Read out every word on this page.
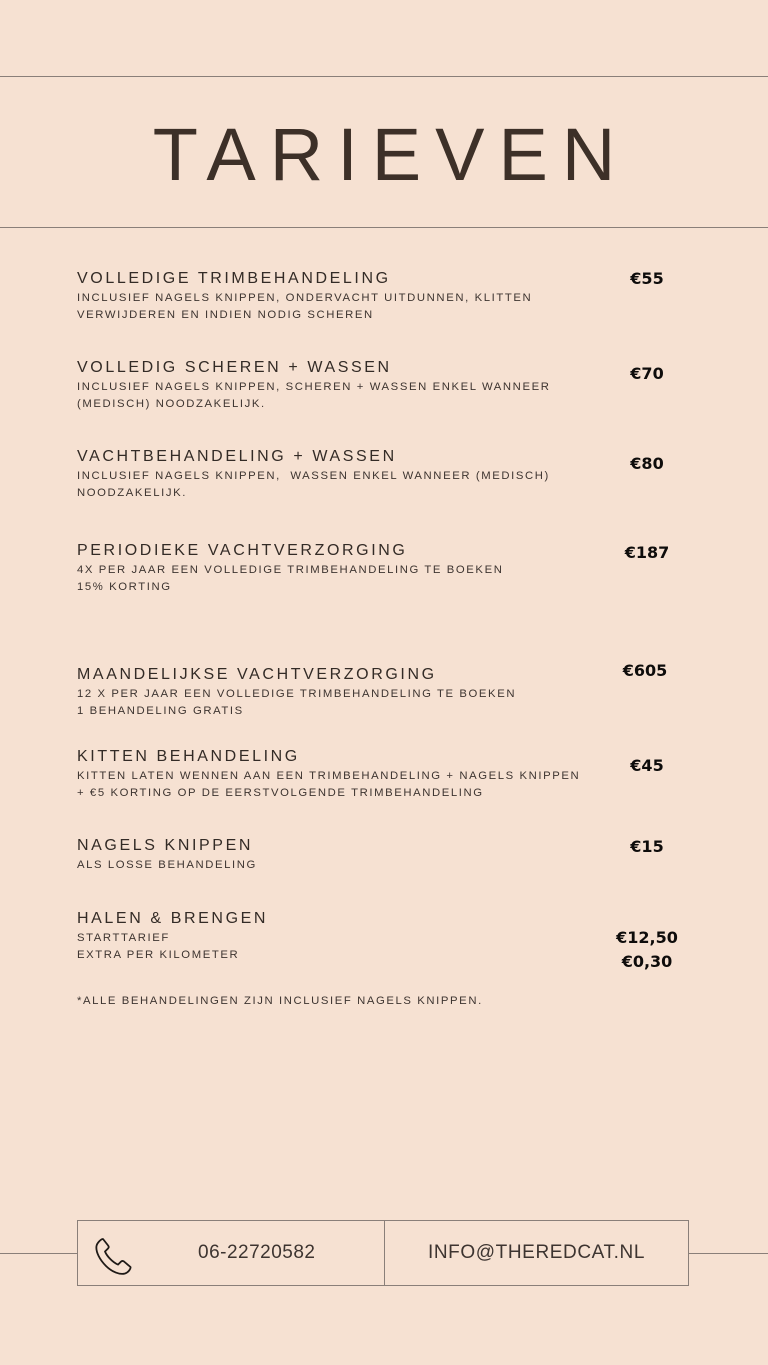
TARIEVEN
VOLLEDIGE TRIMBEHANDELING
INCLUSIEF NAGELS KNIPPEN, ONDERVACHT UITDUNNEN, KLITTEN
VERWIJDEREN EN INDIEN NODIG SCHEREN
€55
VOLLEDIG SCHEREN + WASSEN
INCLUSIEF NAGELS KNIPPEN, SCHEREN + WASSEN ENKEL WANNEER
(MEDISCH) NOODZAKELIJK.
€70
VACHTBEHANDELING + WASSEN
INCLUSIEF NAGELS KNIPPEN,  WASSEN ENKEL WANNEER (MEDISCH)
NOODZAKELIJK.
€80
PERIODIEKE VACHTVERZORGING
4X PER JAAR EEN VOLLEDIGE TRIMBEHANDELING TE BOEKEN
15% KORTING
€187
MAANDELIJKSE VACHTVERZORGING
12 X PER JAAR EEN VOLLEDIGE TRIMBEHANDELING TE BOEKEN
1 BEHANDELING GRATIS
€605
KITTEN BEHANDELING
KITTEN LATEN WENNEN AAN EEN TRIMBEHANDELING + NAGELS KNIPPEN
+ €5 KORTING OP DE EERSTVOLGENDE TRIMBEHANDELING
€45
NAGELS KNIPPEN
ALS LOSSE BEHANDELING
€15
HALEN & BRENGEN
STARTTARIEF
EXTRA PER KILOMETER
€12,50
€0,30
*ALLE BEHANDELINGEN ZIJN INCLUSIEF NAGELS KNIPPEN.
06-22720582	INFO@THEREDCAT.NL
